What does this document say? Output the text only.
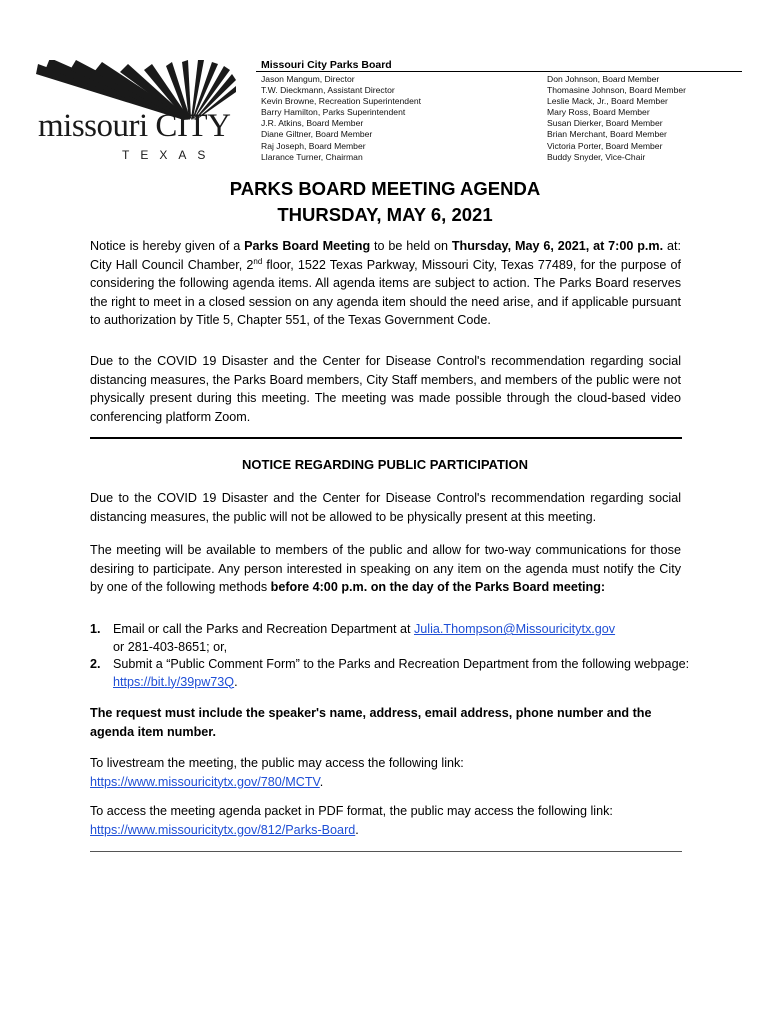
missouri CITY
TEXAS
Missouri City Parks Board
Jason Mangum, Director
T.W. Dieckmann, Assistant Director
Kevin Browne, Recreation Superintendent
Barry Hamilton, Parks Superintendent
J.R. Atkins, Board Member
Diane Giltner, Board Member
Raj Joseph, Board Member
Llarance Turner, Chairman
Don Johnson, Board Member
Thomasine Johnson, Board Member
Leslie Mack, Jr., Board Member
Mary Ross, Board Member
Susan Dierker, Board Member
Brian Merchant, Board Member
Victoria Porter, Board Member
Buddy Snyder, Vice-Chair
PARKS BOARD MEETING AGENDA
THURSDAY, MAY 6, 2021
Notice is hereby given of a Parks Board Meeting to be held on Thursday, May 6, 2021, at 7:00 p.m. at: City Hall Council Chamber, 2nd floor, 1522 Texas Parkway, Missouri City, Texas 77489, for the purpose of considering the following agenda items. All agenda items are subject to action. The Parks Board reserves the right to meet in a closed session on any agenda item should the need arise, and if applicable pursuant to authorization by Title 5, Chapter 551, of the Texas Government Code.
Due to the COVID 19 Disaster and the Center for Disease Control's recommendation regarding social distancing measures, the Parks Board members, City Staff members, and members of the public were not physically present during this meeting. The meeting was made possible through the cloud-based video conferencing platform Zoom.
NOTICE REGARDING PUBLIC PARTICIPATION
Due to the COVID 19 Disaster and the Center for Disease Control's recommendation regarding social distancing measures, the public will not be allowed to be physically present at this meeting.
The meeting will be available to members of the public and allow for two-way communications for those desiring to participate. Any person interested in speaking on any item on the agenda must notify the City by one of the following methods before 4:00 p.m. on the day of the Parks Board meeting:
1. Email or call the Parks and Recreation Department at Julia.Thompson@Missouricitytx.gov
or 281-403-8651; or,
2. Submit a “Public Comment Form” to the Parks and Recreation Department from the following webpage: https://bit.ly/39pw73Q.
The request must include the speaker's name, address, email address, phone number and the agenda item number.
To livestream the meeting, the public may access the following link:
https://www.missouricitytx.gov/780/MCTV.
To access the meeting agenda packet in PDF format, the public may access the following link:
https://www.missouricitytx.gov/812/Parks-Board.
